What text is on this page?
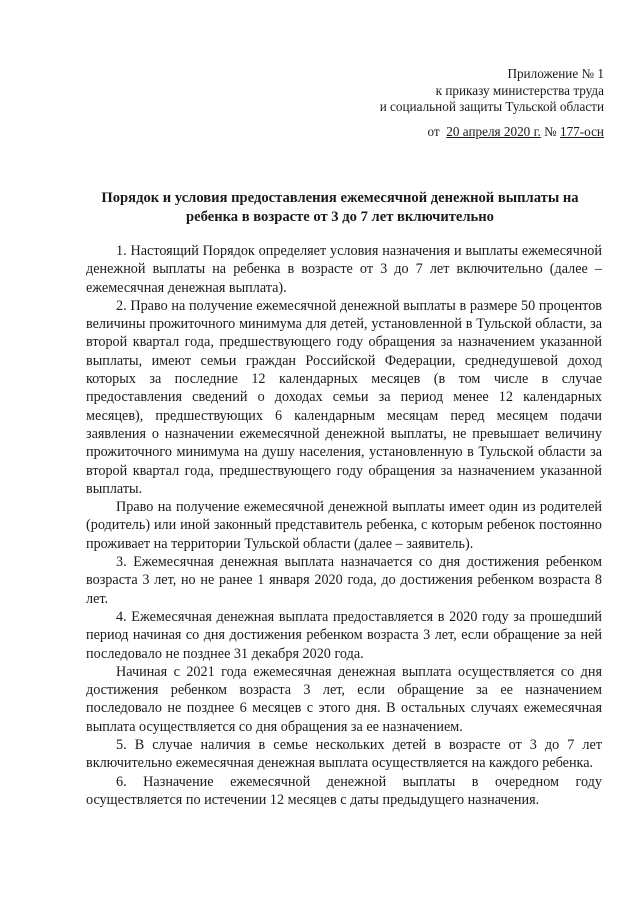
Приложение № 1
к приказу министерства труда
и социальной защиты Тульской области
от 20 апреля 2020 г. № 177-осн
Порядок и условия предоставления ежемесячной денежной выплаты на
ребенка в возрасте от 3 до 7 лет включительно

1. Настоящий Порядок определяет условия назначения и выплаты ежемесячной денежной выплаты на ребенка в возрасте от 3 до 7 лет включительно (далее – ежемесячная денежная выплата).

2. Право на получение ежемесячной денежной выплаты в размере 50 процентов величины прожиточного минимума для детей, установленной в Тульской области, за второй квартал года, предшествующего году обращения за назначением указанной выплаты, имеют семьи граждан Российской Федерации, среднедушевой доход которых за последние 12 календарных месяцев (в том числе в случае предоставления сведений о доходах семьи за период менее 12 календарных месяцев), предшествующих 6 календарным месяцам перед месяцем подачи заявления о назначении ежемесячной денежной выплаты, не превышает величину прожиточного минимума на душу населения, установленную в Тульской области за второй квартал года, предшествующего году обращения за назначением указанной выплаты.

Право на получение ежемесячной денежной выплаты имеет один из родителей (родитель) или иной законный представитель ребенка, с которым ребенок постоянно проживает на территории Тульской области (далее – заявитель).

3. Ежемесячная денежная выплата назначается со дня достижения ребенком возраста 3 лет, но не ранее 1 января 2020 года, до достижения ребенком возраста 8 лет.

4. Ежемесячная денежная выплата предоставляется в 2020 году за прошедший период начиная со дня достижения ребенком возраста 3 лет, если обращение за ней последовало не позднее 31 декабря 2020 года.

Начиная с 2021 года ежемесячная денежная выплата осуществляется со дня достижения ребенком возраста 3 лет, если обращение за ее назначением последовало не позднее 6 месяцев с этого дня. В остальных случаях ежемесячная выплата осуществляется со дня обращения за ее назначением.

5. В случае наличия в семье нескольких детей в возрасте от 3 до 7 лет включительно ежемесячная денежная выплата осуществляется на каждого ребенка.

6. Назначение ежемесячной денежной выплаты в очередном году осуществляется по истечении 12 месяцев с даты предыдущего назначения.
